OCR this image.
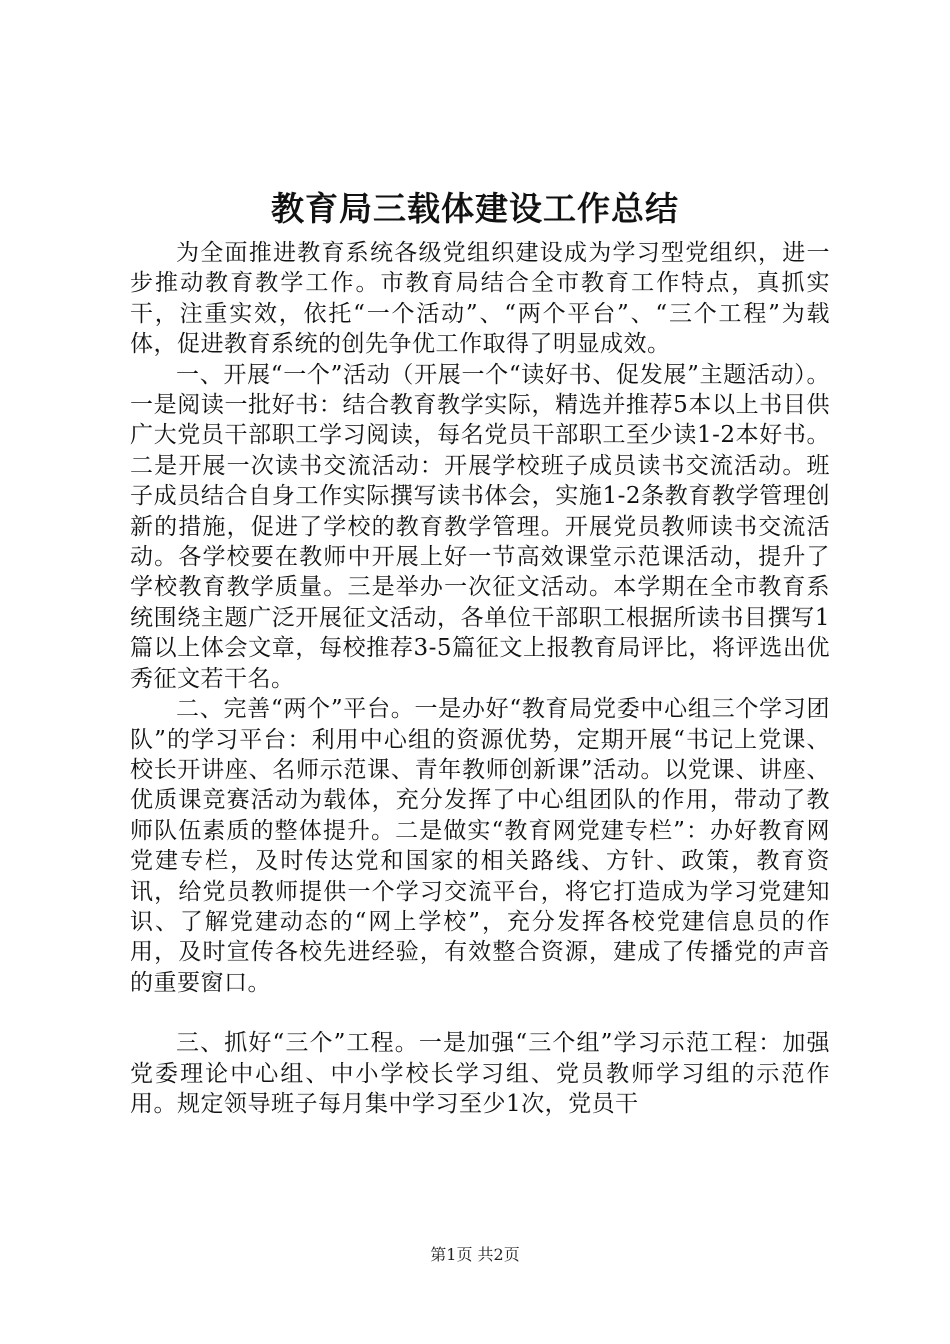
教育局三载体建设工作总结

为全面推进教育系统各级党组织建设成为学习型党组织，进一步推动教育教学工作。市教育局结合全市教育工作特点，真抓实干，注重实效，依托“一个活动”、“两个平台”、“三个工程”为载体，促进教育系统的创先争优工作取得了明显成效。

一、开展“一个”活动（开展一个“读好书、促发展”主题活动）。一是阅读一批好书：结合教育教学实际，精选并推荐5本以上书目供广大党员干部职工学习阅读，每名党员干部职工至少读1-2本好书。二是开展一次读书交流活动：开展学校班子成员读书交流活动。班子成员结合自身工作实际撰写读书体会，实施1-2条教育教学管理创新的措施，促进了学校的教育教学管理。开展党员教师读书交流活动。各学校要在教师中开展上好一节高效课堂示范课活动，提升了学校教育教学质量。三是举办一次征文活动。本学期在全市教育系统围绕主题广泛开展征文活动，各单位干部职工根据所读书目撰写1篇以上体会文章，每校推荐3-5篇征文上报教育局评比，将评选出优秀征文若干名。

二、完善“两个”平台。一是办好“教育局党委中心组三个学习团队”的学习平台：利用中心组的资源优势，定期开展“书记上党课、校长开讲座、名师示范课、青年教师创新课”活动。以党课、讲座、优质课竞赛活动为载体，充分发挥了中心组团队的作用，带动了教师队伍素质的整体提升。二是做实“教育网党建专栏”：办好教育网党建专栏，及时传达党和国家的相关路线、方针、政策，教育资讯，给党员教师提供一个学习交流平台，将它打造成为学习党建知识、了解党建动态的“网上学校”，充分发挥各校党建信息员的作用，及时宣传各校先进经验，有效整合资源，建成了传播党的声音的重要窗口。

三、抓好“三个”工程。一是加强“三个组”学习示范工程：加强党委理论中心组、中小学校长学习组、党员教师学习组的示范作用。规定领导班子每月集中学习至少1次，党员干

第1页 共2页
